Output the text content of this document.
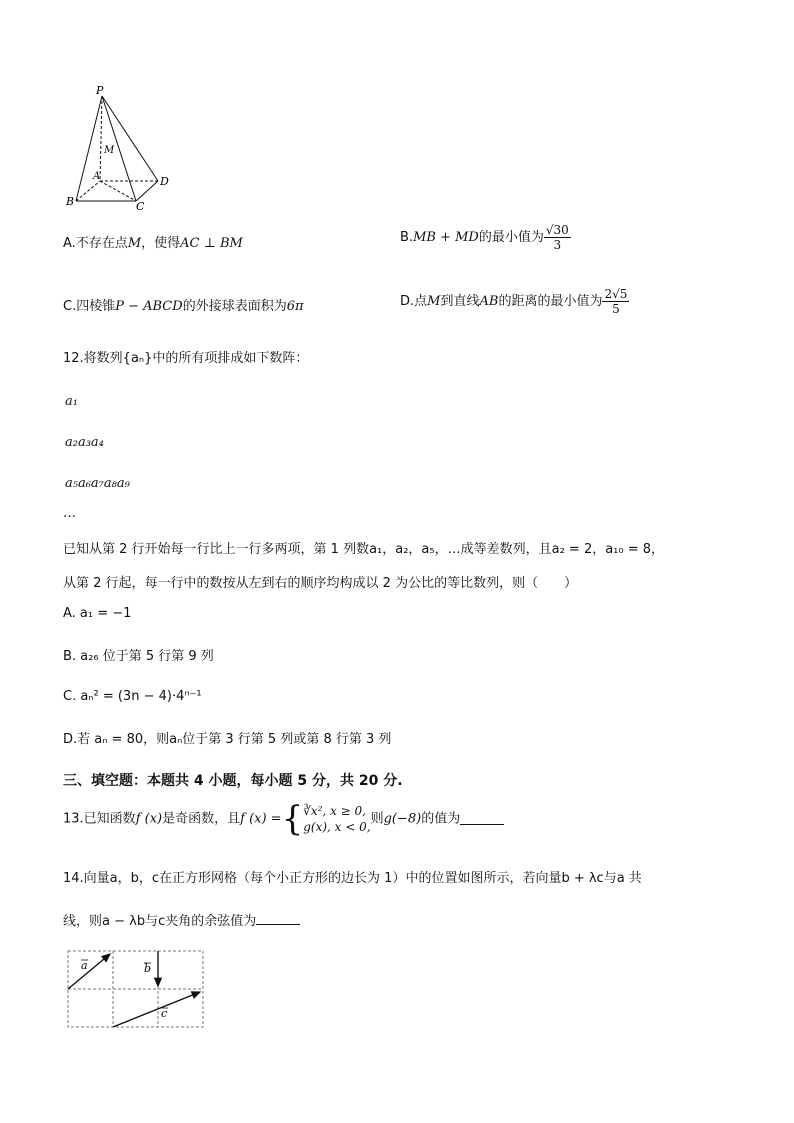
P
M
A
B	C
D
A.不存在点M，使得AC ⊥ BM	B.MB + MD的最小值为 $\frac{√30}{3}$
C.四棱锥P − ABCD的外接球表面积为6π	D.点M到直线AB的距离的最小值为 $\frac{2√5}{5}$
12.将数列{aₙ}中的所有项排成如下数阵：
a₁
a₂a₃a₄
a₅a₆a₇a₈a₉
…
已知从第 2 行开始每一行比上一行多两项，第 1 列数a₁，a₂，a₅，…成等差数列，且a₂ = 2，a₁₀ = 8，
从第 2 行起，每一行中的数按从左到右的顺序均构成以 2 为公比的等比数列，则（　　）
A. a₁ = −1
B. a₂₆ 位于第 5 行第 9 列
C. aₙ² = (3n − 4)·4ⁿ⁻¹
D.若 aₙ = 80，则aₙ位于第 3 行第 5 列或第 8 行第 3 列
三、填空题：本题共 4 小题，每小题 5 分，共 20 分.
13.已知函数f (x)是奇函数，且f (x) ={ ∛x², x ≥ 0,
g(x), x < 0,
则g(−8)的值为
14.向量a，b，c在正方形网格（每个小正方形的边长为 1）中的位置如图所示，若向量b + λc与a 共
线，则a − λb与c夹角的余弦值为
a	b
c
